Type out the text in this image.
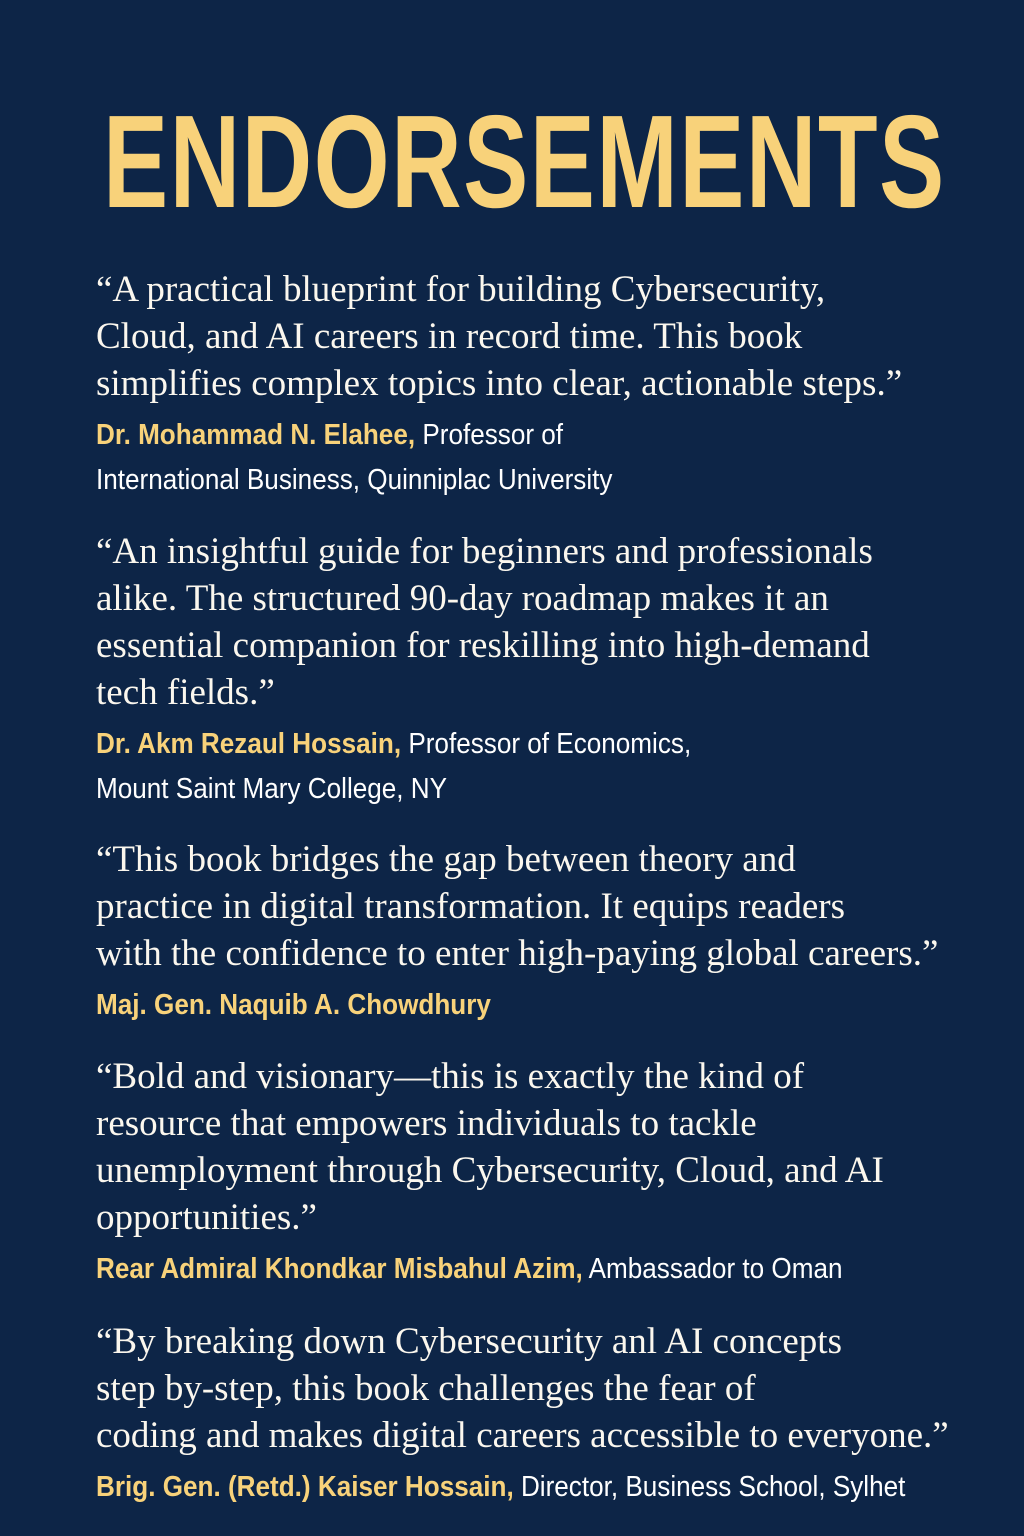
ENDORSEMENTS
“A practical blueprint for building Cybersecurity,
Cloud, and AI careers in record time. This book
simplifies complex topics into clear, actionable steps.”
Dr. Mohammad N. Elahee, Professor of
International Business, Quinniplac University
“An insightful guide for beginners and professionals
alike. The structured 90-day roadmap makes it an
essential companion for reskilling into high-demand
tech fields.”
Dr. Akm Rezaul Hossain, Professor of Economics,
Mount Saint Mary College, NY
“This book bridges the gap between theory and
practice in digital transformation. It equips readers
with the confidence to enter high-paying global careers.”
Maj. Gen. Naquib A. Chowdhury
“Bold and visionary—this is exactly the kind of
resource that empowers individuals to tackle
unemployment through Cybersecurity, Cloud, and AI
opportunities.”
Rear Admiral Khondkar Misbahul Azim, Ambassador to Oman
“By breaking down Cybersecurity anl AI concepts
step by-step, this book challenges the fear of
coding and makes digital careers accessible to everyone.”
Brig. Gen. (Retd.) Kaiser Hossain, Director, Business School, Sylhet
